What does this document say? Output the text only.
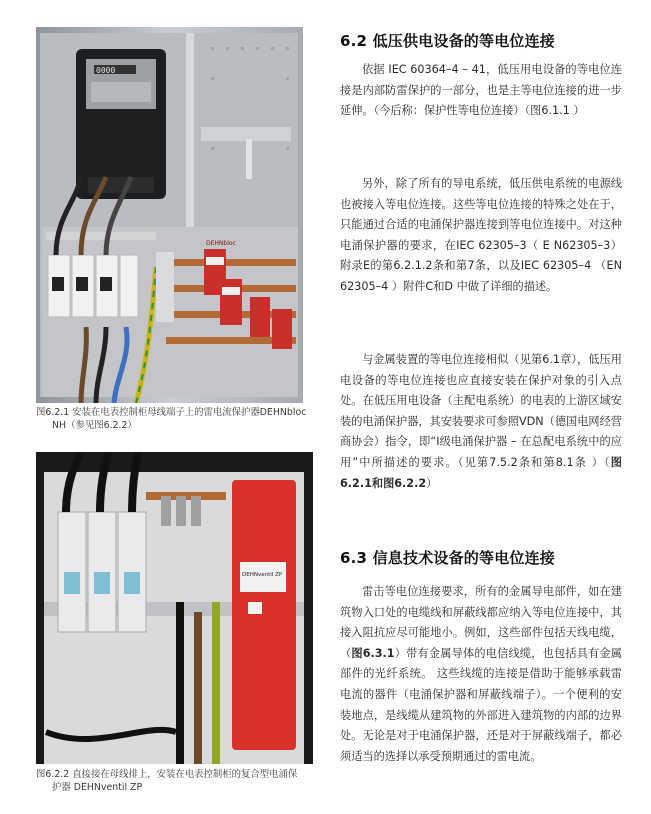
0000
DEHNbloc
图6.2.1 安装在电表控制柜母线端子上的雷电流保护器DEHNbloc
NH（参见图6.2.2）
DEHNventil ZP
图6.2.2 直接接在母线排上，安装在电表控制柜的复合型电涌保
护器 DEHNventil ZP
6.2 低压供电设备的等电位连接

依据 IEC 60364–4 – 41，低压用电设备的等电位连接是内部防雷保护的一部分，也是主等电位连接的进一步延伸。（今后称：保护性等电位连接）（图6.1.1 ）

另外，除了所有的导电系统，低压供电系统的电源线也被接入等电位连接。这些等电位连接的特殊之处在于，只能通过合适的电涌保护器连接到等电位连接中。对这种电涌保护器的要求，在IEC 62305–3（ E N62305–3）附录E的第6.2.1.2条和第7条，以及IEC 62305–4 （EN 62305–4 ）附件C和D 中做了详细的描述。

与金属装置的等电位连接相似（见第6.1章），低压用电设备的等电位连接也应直接安装在保护对象的引入点处。在低压用电设备（主配电系统）的电表的上游区域安装的电涌保护器，其安装要求可参照VDN（德国电网经营商协会）指令，即“I级电涌保护器 – 在总配电系统中的应用”中所描述的要求。（见第7.5.2条和第8.1条 ）（图6.2.1和图6.2.2）

6.3 信息技术设备的等电位连接

雷击等电位连接要求，所有的金属导电部件，如在建筑物入口处的电缆线和屏蔽线都应纳入等电位连接中，其接入阻抗应尽可能地小。例如，这些部件包括天线电缆，（图6.3.1）带有金属导体的电信线缆，也包括具有金属部件的光纤系统。 这些线缆的连接是借助于能够承载雷电流的器件（电涌保护器和屏蔽线端子）。一个便利的安装地点，是线缆从建筑物的外部进入建筑物的内部的边界处。无论是对于电涌保护器，还是对于屏蔽线端子，都必须适当的选择以承受预期通过的雷电流。
